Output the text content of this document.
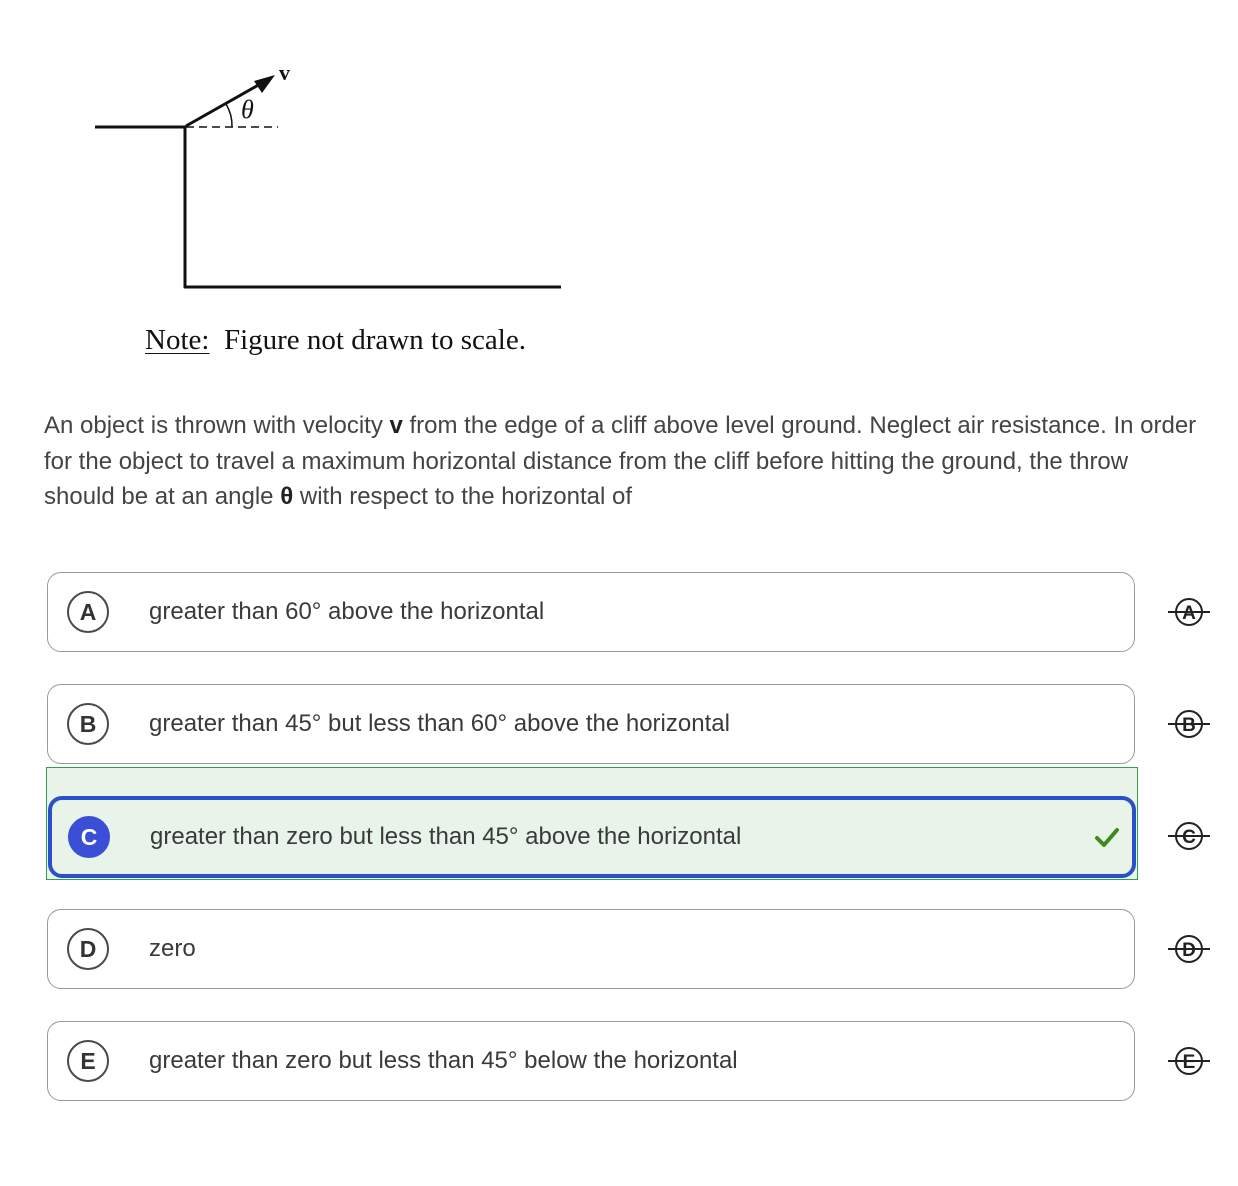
v
θ
Note: Figure not drawn to scale.
An object is thrown with velocity v from the edge of a cliff above level ground. Neglect air resistance. In order for the object to travel a maximum horizontal distance from the cliff before hitting the ground, the throw should be at an angle θ with respect to the horizontal of
A	greater than 60° above the horizontal
B	greater than 45° but less than 60° above the horizontal
C	greater than zero but less than 45° above the horizontal
D	zero
E	greater than zero but less than 45° below the horizontal
A
B
C
D
E
